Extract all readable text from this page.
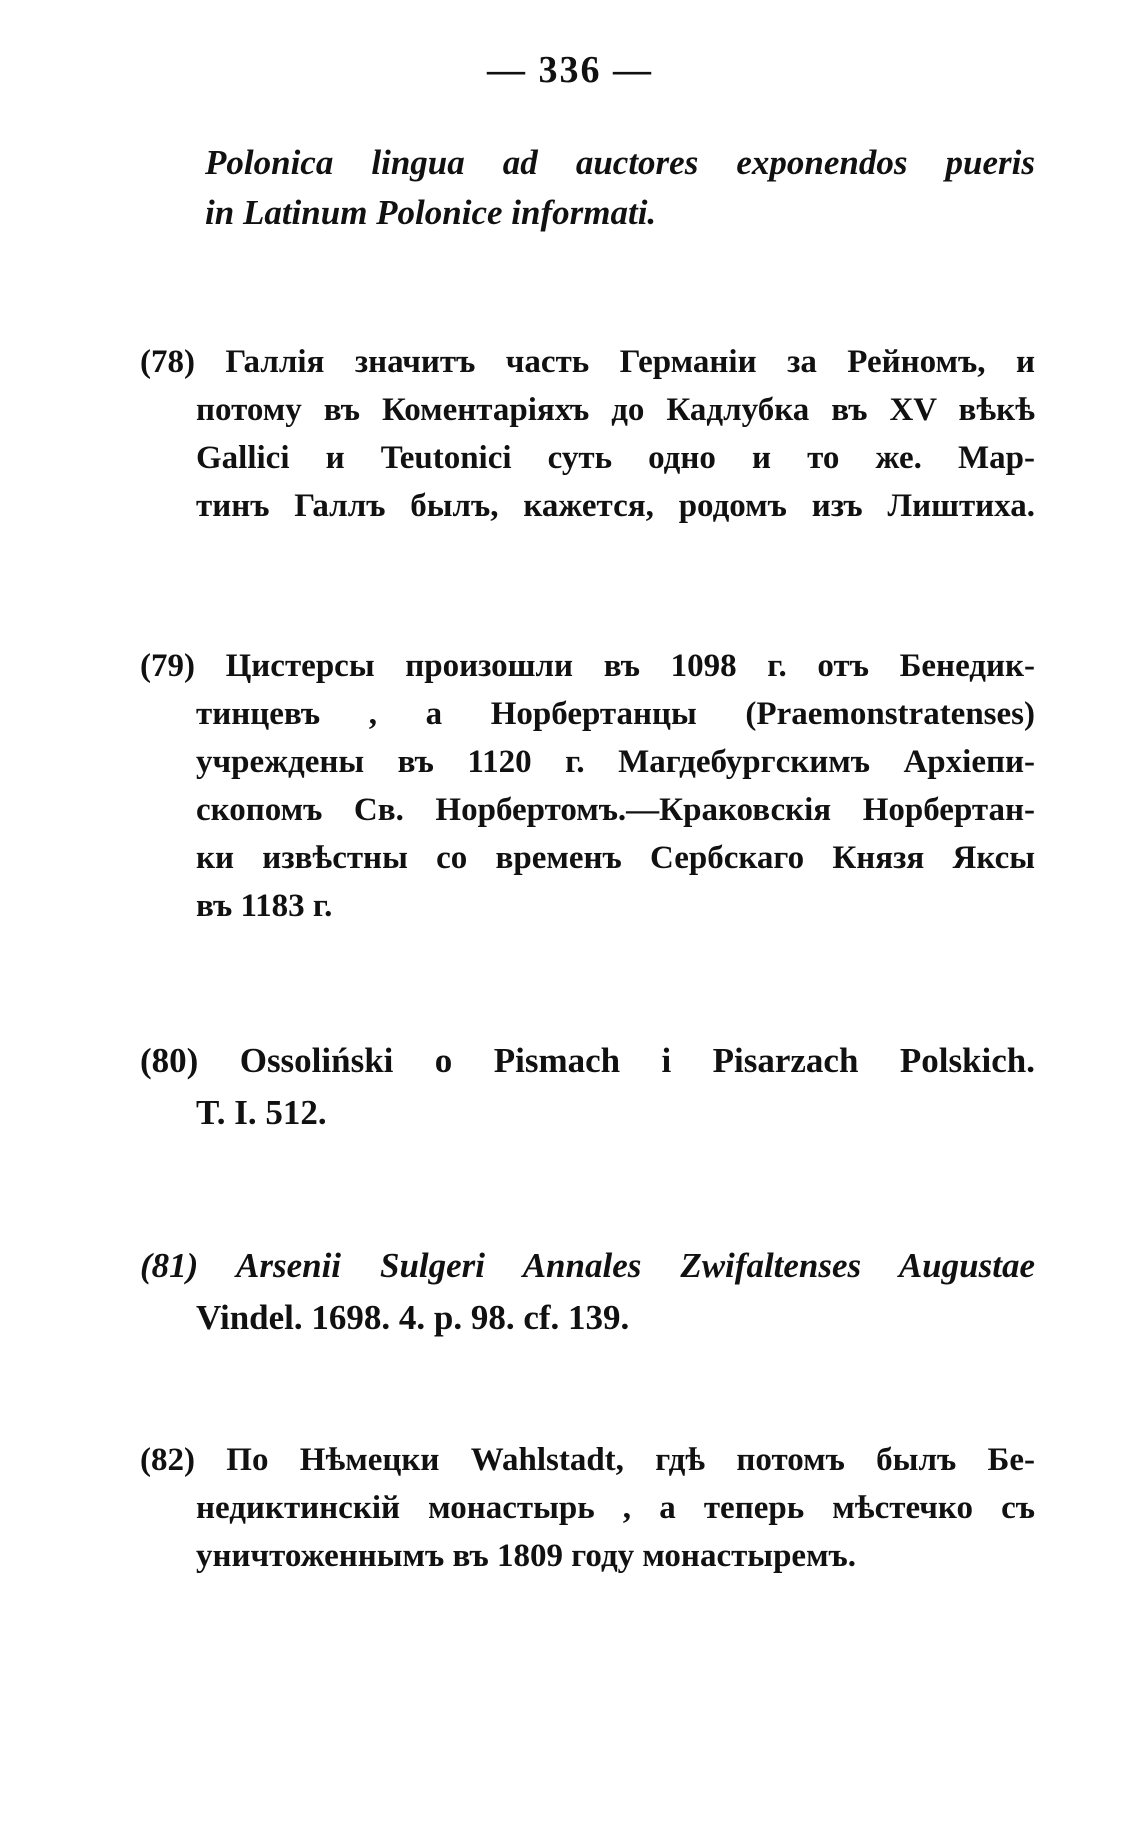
— 336 —
Polonica lingua ad auctores exponendos pueris
in Latinum Polonice informati.
(78) Галлія значитъ часть Германіи за Рейномъ, и
потому въ Коментаріяхъ до Кадлубка въ XV вѣкѣ
Gallici и Teutonici суть одно и то же. Мар-
тинъ Галлъ былъ, кажется, родомъ изъ Лиштиха.
(79) Цистерсы произошли въ 1098 г. отъ Бенедик-
тинцевъ , а Норбертанцы (Praemonstratenses)
учреждены въ 1120 г. Магдебургскимъ Архіепи-
скопомъ Св. Норбертомъ.—Краковскія Норбертан-
ки извѣстны со временъ Сербскаго Князя Яксы
въ 1183 г.
(80) Ossoliński o Pismach i Pisarzach Polskich.
T. I. 512.
(81) Arsenii Sulgeri Annales Zwifaltenses Augustae
Vindel. 1698. 4. p. 98. cf. 139.
(82) По Нѣмецки Wahlstadt, гдѣ потомъ былъ Бе-
недиктинскій монастырь , а теперь мѣстечко съ
уничтоженнымъ въ 1809 году монастыремъ.
